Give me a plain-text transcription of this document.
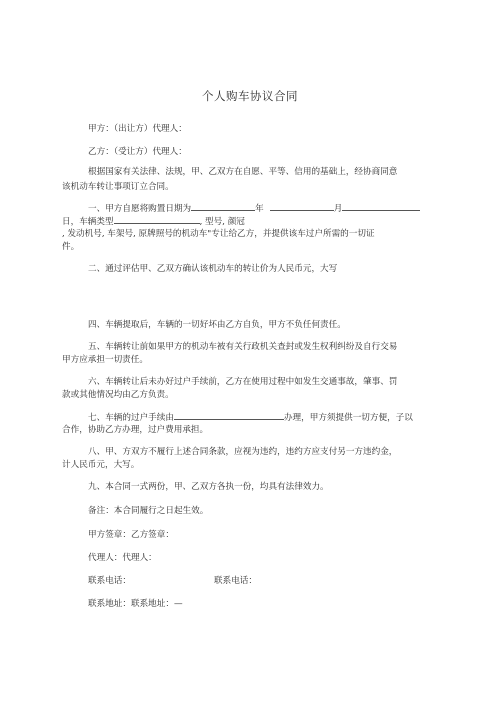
个人购车协议合同
甲方：（出让方）代理人：
乙方：（受让方）代理人：
根据国家有关法律、法规，甲、乙双方在自愿、平等、信用的基础上，经协商同意
该机动车转让事项订立合同。
一、甲方自愿将购置日期为	年	月
日，车辆类型	, 型号, 颜冠
, 发动机号, 车架号, 原牌照号的机动车"专让给乙方，并提供该车过户所需的一切证
件。
二、通过评估甲、乙双方确认该机动车的转让价为人民币元，大写
四、车辆提取后，车辆的一切好坏由乙方自负，甲方不负任何责任。
五、车辆转让前如果甲方的机动车被有关行政机关查封或发生权利纠纷及自行交易
甲方应承担一切责任。
六、车辆转让后未办好过户手续前，乙方在使用过程中如发生交通事故，肇事、罚
款或其他情况均由乙方负责。
七、车辆的过户手续由	办理，甲方须提供一切方便，子以
合作，协助乙方办理，过户费用承担。
八、甲、方双方不履行上述合同条款，应视为违约，违约方应支付另一方违约金，
计人民币元，大写。
九、本合同一式两份，甲、乙双方各执一份，均具有法律效力。
备注：本合同履行之日起生效。
甲方签章：乙方签章：
代理人：代理人：
联系电话：	联系电话：
联系地址：联系地址：—
